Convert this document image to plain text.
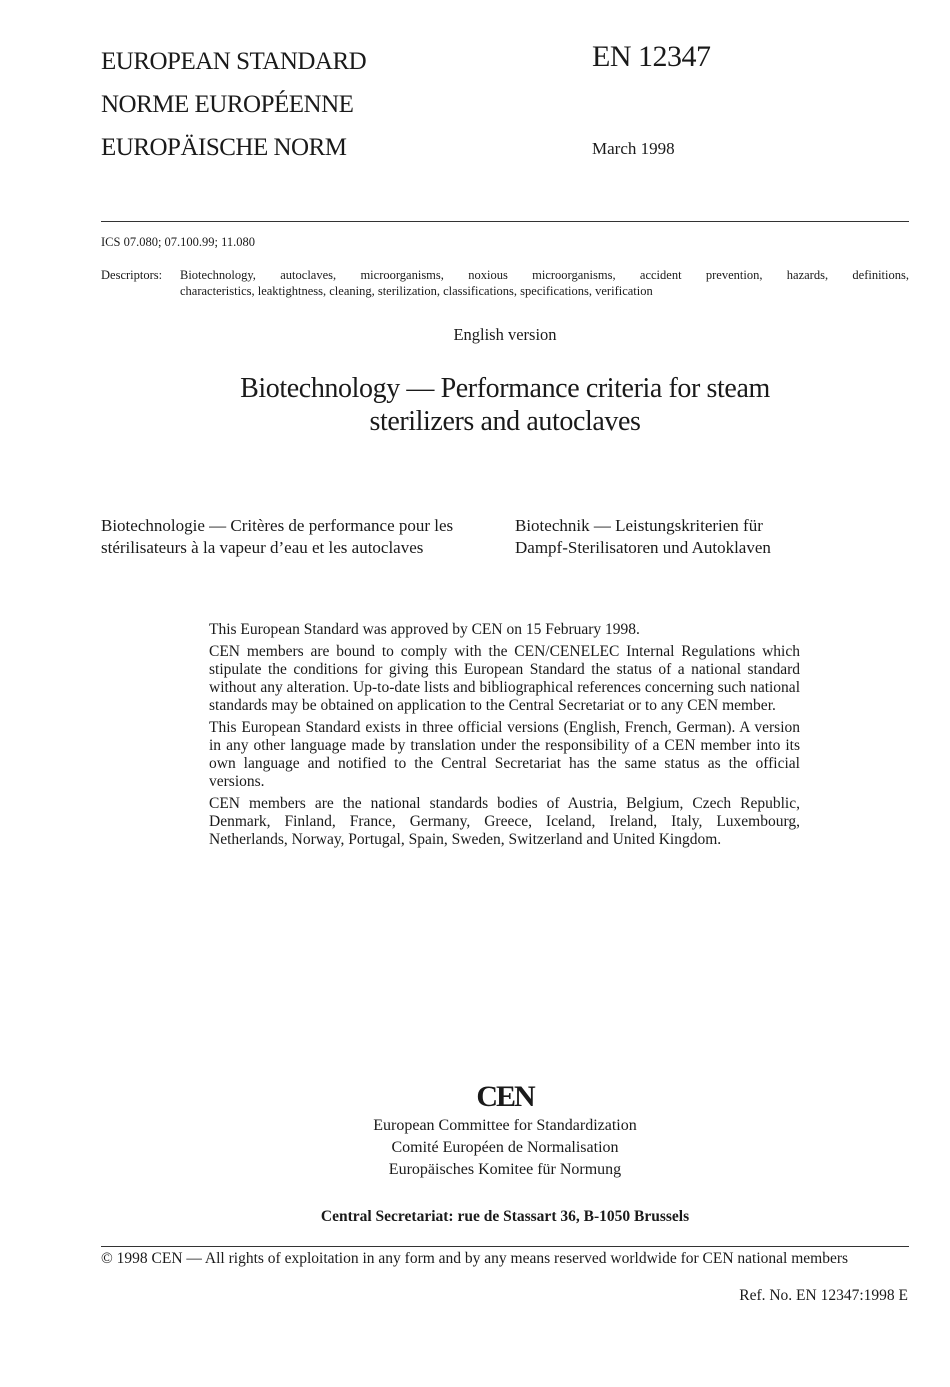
EUROPEAN STANDARD
NORME EUROPÉENNE
EUROPÄISCHE NORM
EN 12347
March 1998
ICS 07.080; 07.100.99; 11.080
Descriptors: Biotechnology, autoclaves, microorganisms, noxious microorganisms, accident prevention, hazards, definitions,
characteristics, leaktightness, cleaning, sterilization, classifications, specifications, verification
English version
Biotechnology — Performance criteria for steam
sterilizers and autoclaves
Biotechnologie — Critères de performance pour les
stérilisateurs à la vapeur d’eau et les autoclaves
Biotechnik — Leistungskriterien für
Dampf-Sterilisatoren und Autoklaven

This European Standard was approved by CEN on 15 February 1998.

CEN members are bound to comply with the CEN/CENELEC Internal Regulations which stipulate the conditions for giving this European Standard the status of a national standard without any alteration. Up-to-date lists and bibliographical references concerning such national standards may be obtained on application to the Central Secretariat or to any CEN member.

This European Standard exists in three official versions (English, French, German). A version in any other language made by translation under the responsibility of a CEN member into its own language and notified to the Central Secretariat has the same status as the official versions.

CEN members are the national standards bodies of Austria, Belgium, Czech Republic, Denmark, Finland, France, Germany, Greece, Iceland, Ireland, Italy, Luxembourg, Netherlands, Norway, Portugal, Spain, Sweden, Switzerland and United Kingdom.

CEN
European Committee for Standardization
Comité Européen de Normalisation
Europäisches Komitee für Normung
Central Secretariat: rue de Stassart 36, B-1050 Brussels
© 1998 CEN — All rights of exploitation in any form and by any means reserved worldwide for CEN national members
Ref. No. EN 12347:1998 E
